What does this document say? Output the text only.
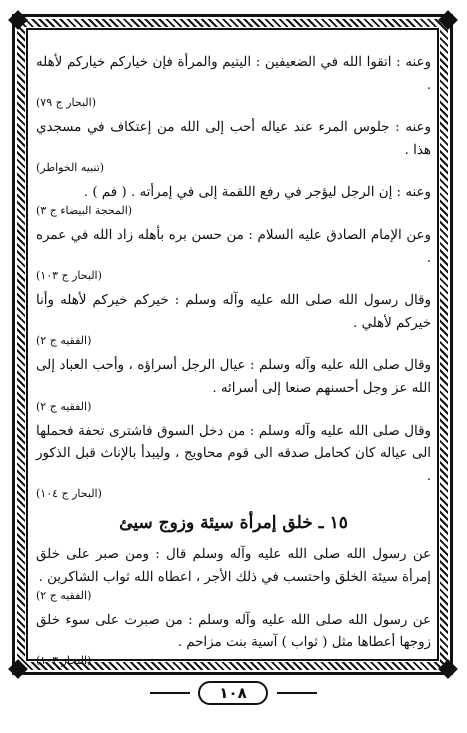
وعنه : اتقوا الله في الضعيفين : اليتيم والمرأة فإن خياركم خياركم لأهله .

(البحار ج ٧٩)

وعنه : جلوس المرء عند عياله أحب إلى الله من إعتكاف في مسجدي هذا .

(تنبيه الخواطر)

وعنه : إن الرجل ليؤجر في رفع اللقمة إلى في إمرأته . ( فم ) .

(المحجة البيضاء ج ٣)

وعن الإمام الصادق عليه السلام : من حسن بره بأهله زاد الله في عمره .

(البحار ج ١٠٣)

وقال رسول الله صلى الله عليه وآله وسلم : خيركم خيركم لأهله وأنا خيركم لأهلي .

(الفقيه ج ٢)

وقال صلى الله عليه وآله وسلم : عيال الرجل أسراؤه ، وأحب العباد إلى الله عز وجل أحسنهم صنعا إلى أسرائه .

(الفقيه ج ٢)

وقال صلى الله عليه وآله وسلم : من دخل السوق فاشترى تحفة فحملها الى عياله كان كحامل صدقه الى قوم محاويج ، وليبدأ بالإناث قبل الذكور .

(البحار ج ١٠٤)
١٥ ـ خلق إمرأة سيئة وزوج سيئ

عن رسول الله صلى الله عليه وآله وسلم قال : ومن صبر على خلق إمرأة سيئة الخلق واحتسب في ذلك الأجر ، اعطاه الله ثواب الشاكرين .

(الفقيه ج ٢)

عن رسول الله صلى الله عليه وآله وسلم : من صبرت على سوء خلق زوجها أعطاها مثل ( ثواب ) آسية بنت مزاحم .

(البحار ١٠٣)
١٠٨
